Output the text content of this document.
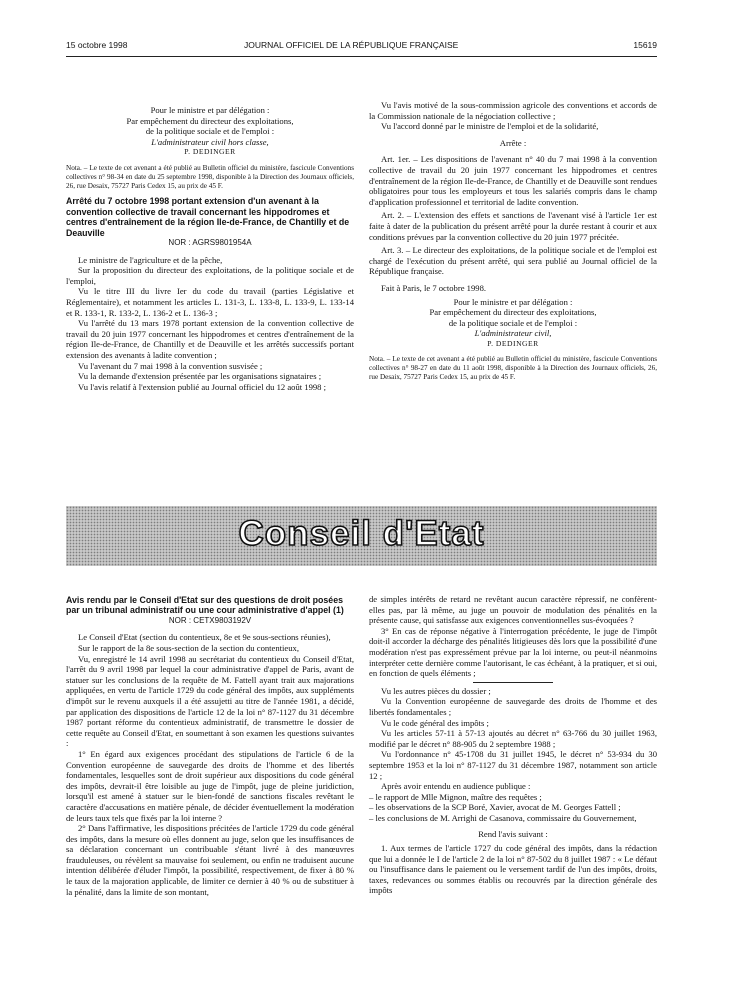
15 octobre 1998	JOURNAL OFFICIEL DE LA RÉPUBLIQUE FRANÇAISE	15619

Pour le ministre et par délégation :

Par empêchement du directeur des exploitations,

de la politique sociale et de l'emploi :

L'administrateur civil hors classe,

P. DEDINGER

Nota. – Le texte de cet avenant a été publié au Bulletin officiel du ministère, fascicule Conventions collectives n° 98-34 en date du 25 septembre 1998, disponible à la Direction des Journaux officiels, 26, rue Desaix, 75727 Paris Cedex 15, au prix de 45 F.

Arrêté du 7 octobre 1998 portant extension d'un avenant à la convention collective de travail concernant les hippodromes et centres d'entraînement de la région Ile-de-France, de Chantilly et de Deauville

NOR : AGRS9801954A

Le ministre de l'agriculture et de la pêche,

Sur la proposition du directeur des exploitations, de la politique sociale et de l'emploi,

Vu le titre III du livre Ier du code du travail (parties Législative et Réglementaire), et notamment les articles L. 131-3, L. 133-8, L. 133-9, L. 133-14 et R. 133-1, R. 133-2, L. 136-2 et L. 136-3 ;

Vu l'arrêté du 13 mars 1978 portant extension de la convention collective de travail du 20 juin 1977 concernant les hippodromes et centres d'entraînement de la région Ile-de-France, de Chantilly et de Deauville et les arrêtés successifs portant extension des avenants à ladite convention ;

Vu l'avenant du 7 mai 1998 à la convention susvisée ;

Vu la demande d'extension présentée par les organisations signataires ;

Vu l'avis relatif à l'extension publié au Journal officiel du 12 août 1998 ;

Vu l'avis motivé de la sous-commission agricole des conventions et accords de la Commission nationale de la négociation collective ;

Vu l'accord donné par le ministre de l'emploi et de la solidarité,

Arrête :

Art. 1er. – Les dispositions de l'avenant n° 40 du 7 mai 1998 à la convention collective de travail du 20 juin 1977 concernant les hippodromes et centres d'entraînement de la région Ile-de-France, de Chantilly et de Deauville sont rendues obligatoires pour tous les employeurs et tous les salariés compris dans le champ d'application professionnel et territorial de ladite convention.

Art. 2. – L'extension des effets et sanctions de l'avenant visé à l'article 1er est faite à dater de la publication du présent arrêté pour la durée restant à courir et aux conditions prévues par la convention collective du 20 juin 1977 précitée.

Art. 3. – Le directeur des exploitations, de la politique sociale et de l'emploi est chargé de l'exécution du présent arrêté, qui sera publié au Journal officiel de la République française.

Fait à Paris, le 7 octobre 1998.

Pour le ministre et par délégation :

Par empêchement du directeur des exploitations,

de la politique sociale et de l'emploi :

L'administrateur civil,

P. DEDINGER

Nota. – Le texte de cet avenant a été publié au Bulletin officiel du ministère, fascicule Conventions collectives n° 98-27 en date du 11 août 1998, disponible à la Direction des Journaux officiels, 26, rue Desaix, 75727 Paris Cedex 15, au prix de 45 F.

Conseil d'Etat

Avis rendu par le Conseil d'Etat sur des questions de droit posées par un tribunal administratif ou une cour administrative d'appel (1)

NOR : CETX9803192V

Le Conseil d'Etat (section du contentieux, 8e et 9e sous-sections réunies),

Sur le rapport de la 8e sous-section de la section du contentieux,

Vu, enregistré le 14 avril 1998 au secrétariat du contentieux du Conseil d'Etat, l'arrêt du 9 avril 1998 par lequel la cour administrative d'appel de Paris, avant de statuer sur les conclusions de la requête de M. Fattell ayant trait aux majorations appliquées, en vertu de l'article 1729 du code général des impôts, aux suppléments d'impôt sur le revenu auxquels il a été assujetti au titre de l'année 1981, a décidé, par application des dispositions de l'article 12 de la loi n° 87-1127 du 31 décembre 1987 portant réforme du contentieux administratif, de transmettre le dossier de cette requête au Conseil d'Etat, en soumettant à son examen les questions suivantes :

1° En égard aux exigences procédant des stipulations de l'article 6 de la Convention européenne de sauvegarde des droits de l'homme et des libertés fondamentales, lesquelles sont de droit supérieur aux dispositions du code général des impôts, devrait-il être loisible au juge de l'impôt, juge de pleine juridiction, lorsqu'il est amené à statuer sur le bien-fondé de sanctions fiscales revêtant le caractère d'accusations en matière pénale, de décider éventuellement la modération de leurs taux tels que fixés par la loi interne ?

2° Dans l'affirmative, les dispositions précitées de l'article 1729 du code général des impôts, dans la mesure où elles donnent au juge, selon que les insuffisances de sa déclaration concernant un contribuable s'étant livré à des manœuvres frauduleuses, ou révèlent sa mauvaise foi seulement, ou enfin ne traduisent aucune intention délibérée d'éluder l'impôt, la possibilité, respectivement, de fixer à 80 % le taux de la majoration applicable, de limiter ce dernier à 40 % ou de substituer à la pénalité, dans la limite de son montant,

de simples intérêts de retard ne revêtant aucun caractère répressif, ne confèrent-elles pas, par là même, au juge un pouvoir de modulation des pénalités en la présente cause, qui satisfasse aux exigences conventionnelles sus-évoquées ?

3° En cas de réponse négative à l'interrogation précédente, le juge de l'impôt doit-il accorder la décharge des pénalités litigieuses dès lors que la possibilité d'une modération n'est pas expressément prévue par la loi interne, ou peut-il néanmoins interpréter cette dernière comme l'autorisant, le cas échéant, à la pratiquer, et si oui, en fonction de quels éléments ;

Vu les autres pièces du dossier ;

Vu la Convention européenne de sauvegarde des droits de l'homme et des libertés fondamentales ;

Vu le code général des impôts ;

Vu les articles 57-11 à 57-13 ajoutés au décret n° 63-766 du 30 juillet 1963, modifié par le décret n° 88-905 du 2 septembre 1988 ;

Vu l'ordonnance n° 45-1708 du 31 juillet 1945, le décret n° 53-934 du 30 septembre 1953 et la loi n° 87-1127 du 31 décembre 1987, notamment son article 12 ;

Après avoir entendu en audience publique :

– le rapport de Mlle Mignon, maître des requêtes ;

– les observations de la SCP Boré, Xavier, avocat de M. Georges Fattell ;

– les conclusions de M. Arrighi de Casanova, commissaire du Gouvernement,

Rend l'avis suivant :

1. Aux termes de l'article 1727 du code général des impôts, dans la rédaction que lui a donnée le I de l'article 2 de la loi n° 87-502 du 8 juillet 1987 : « Le défaut ou l'insuffisance dans le paiement ou le versement tardif de l'un des impôts, droits, taxes, redevances ou sommes établis ou recouvrés par la direction générale des impôts
